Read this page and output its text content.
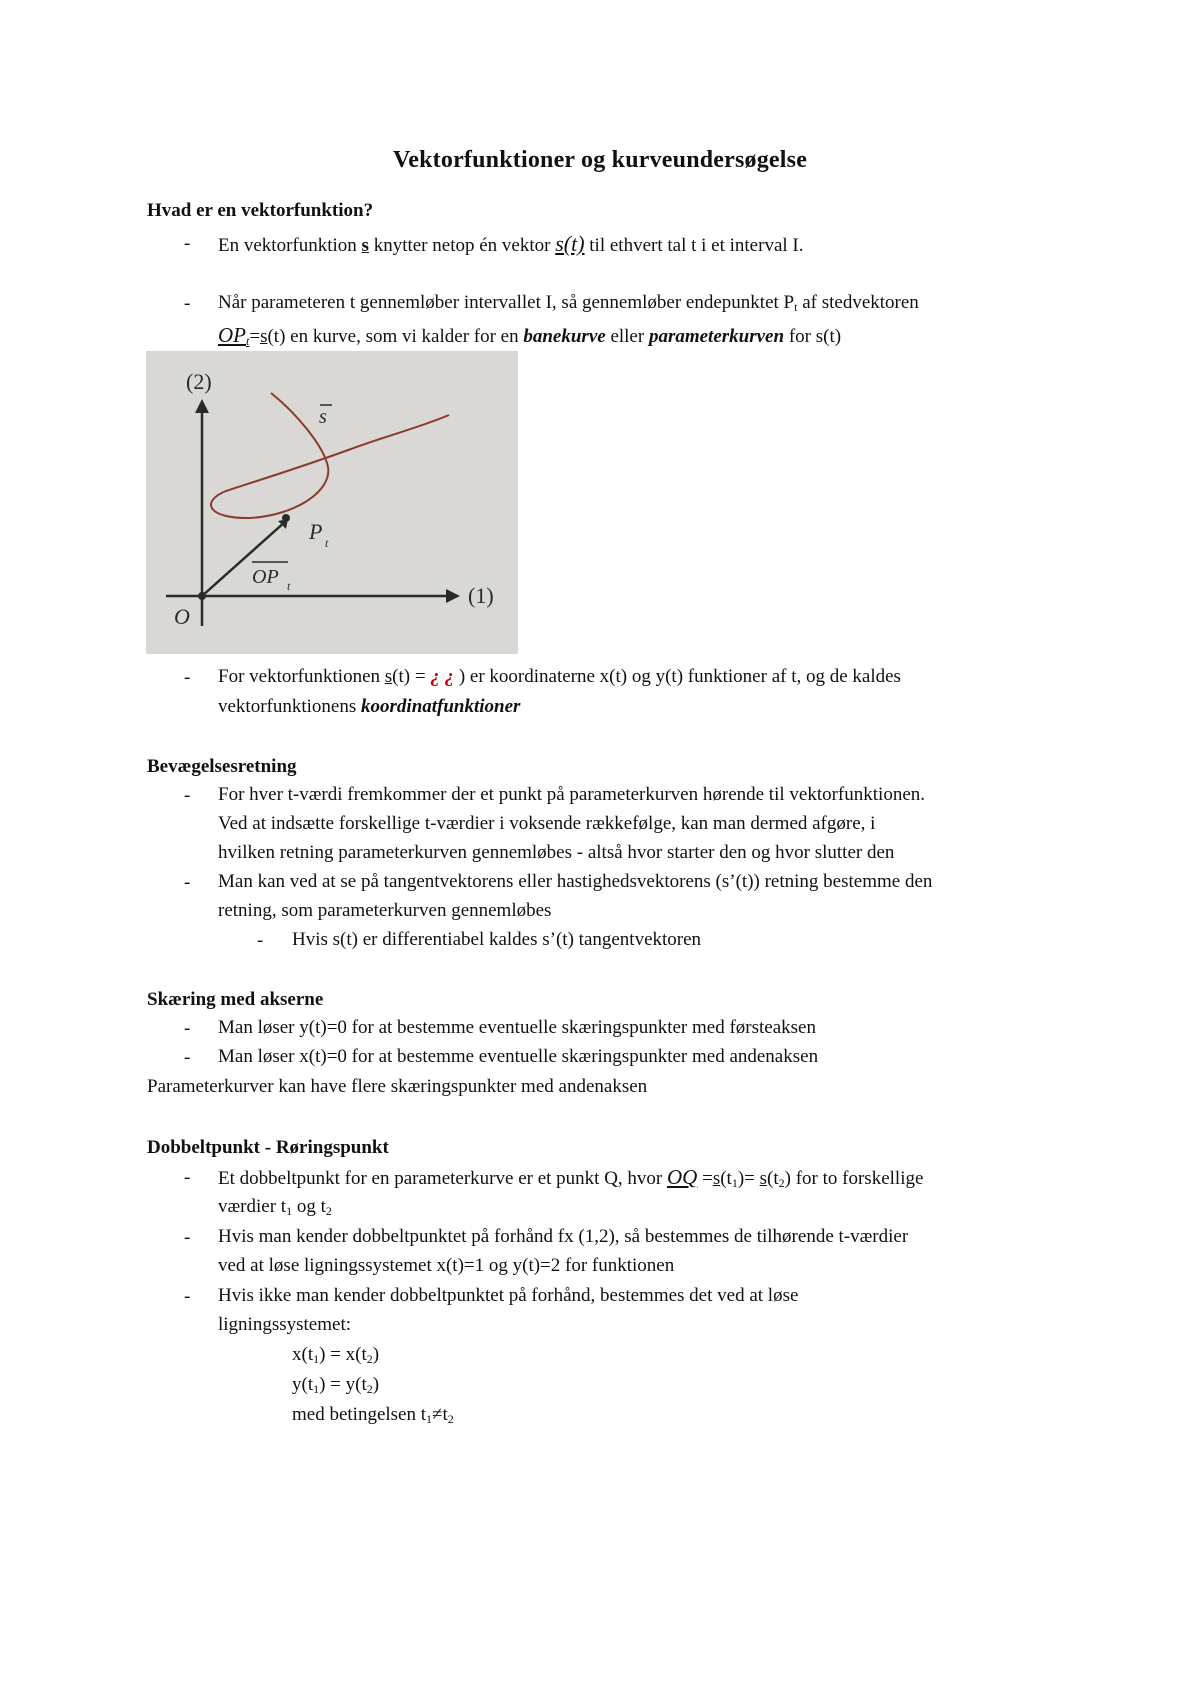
Vektorfunktioner og kurveundersøgelse
Hvad er en vektorfunktion?
- En vektorfunktion s knytter netop én vektor s(t) til ethvert tal t i et interval I.
- Når parameteren t gennemløber intervallet I, så gennemløber endepunktet $P_t$ af stedvektoren
$OP_t=s(t)$ en kurve, som vi kalder for en banekurve eller parameterkurven for s(t)
(2)
(1)
O
s
P t
OP t
- For vektorfunktionen s(t) = ¿ ¿ ) er koordinaterne x(t) og y(t) funktioner af t, og de kaldes
vektorfunktionens koordinatfunktioner
Bevægelsesretning
- For hver t-værdi fremkommer der et punkt på parameterkurven hørende til vektorfunktionen.
Ved at indsætte forskellige t-værdier i voksende rækkefølge, kan man dermed afgøre, i
hvilken retning parameterkurven gennemløbes - altså hvor starter den og hvor slutter den
- Man kan ved at se på tangentvektorens eller hastighedsvektorens (s’(t)) retning bestemme den
retning, som parameterkurven gennemløbes
- Hvis s(t) er differentiabel kaldes s’(t) tangentvektoren
Skæring med akserne
- Man løser y(t)=0 for at bestemme eventuelle skæringspunkter med førsteaksen
- Man løser x(t)=0 for at bestemme eventuelle skæringspunkter med andenaksen
Parameterkurver kan have flere skæringspunkter med andenaksen
Dobbeltpunkt - Røringspunkt
- Et dobbeltpunkt for en parameterkurve er et punkt Q, hvor OQ $=s(t_1)= s(t_2)$ for to forskellige
værdier $t_1$ og $t_2$
- Hvis man kender dobbeltpunktet på forhånd fx (1,2), så bestemmes de tilhørende t-værdier
ved at løse ligningssystemet x(t)=1 og y(t)=2 for funktionen
- Hvis ikke man kender dobbeltpunktet på forhånd, bestemmes det ved at løse
ligningssystemet:
$x(t_1) = x(t_2)$
$y(t_1) = y(t_2)$
med betingelsen $t_1\ne t_2$
